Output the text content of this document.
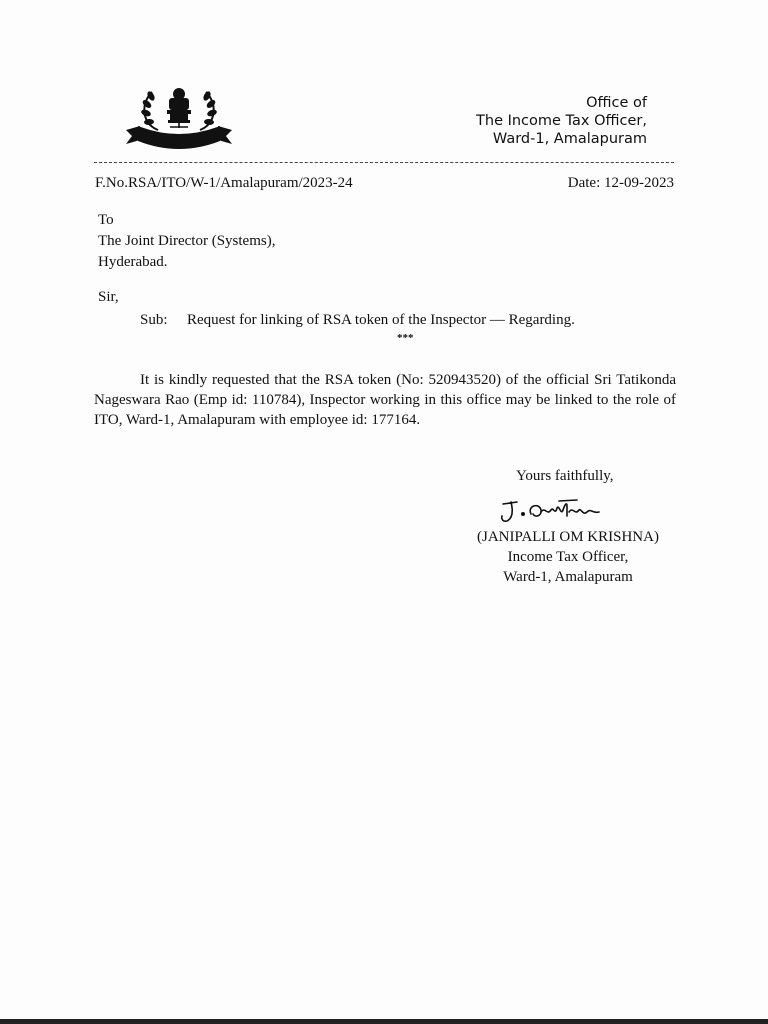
Office of
The Income Tax Officer,
Ward-1, Amalapuram
F.No.RSA/ITO/W-1/Amalapuram/2023-24	Date: 12-09-2023
To
The Joint Director (Systems),
Hyderabad.
Sir,
Sub: Request for linking of RSA token of the Inspector — Regarding.
***
It is kindly requested that the RSA token (No: 520943520) of the official Sri Tatikonda Nageswara Rao (Emp id: 110784), Inspector working in this office may be linked to the role of ITO, Ward-1, Amalapuram with employee id: 177164.
Yours faithfully,
(JANIPALLI OM KRISHNA)
Income Tax Officer,
Ward-1, Amalapuram
